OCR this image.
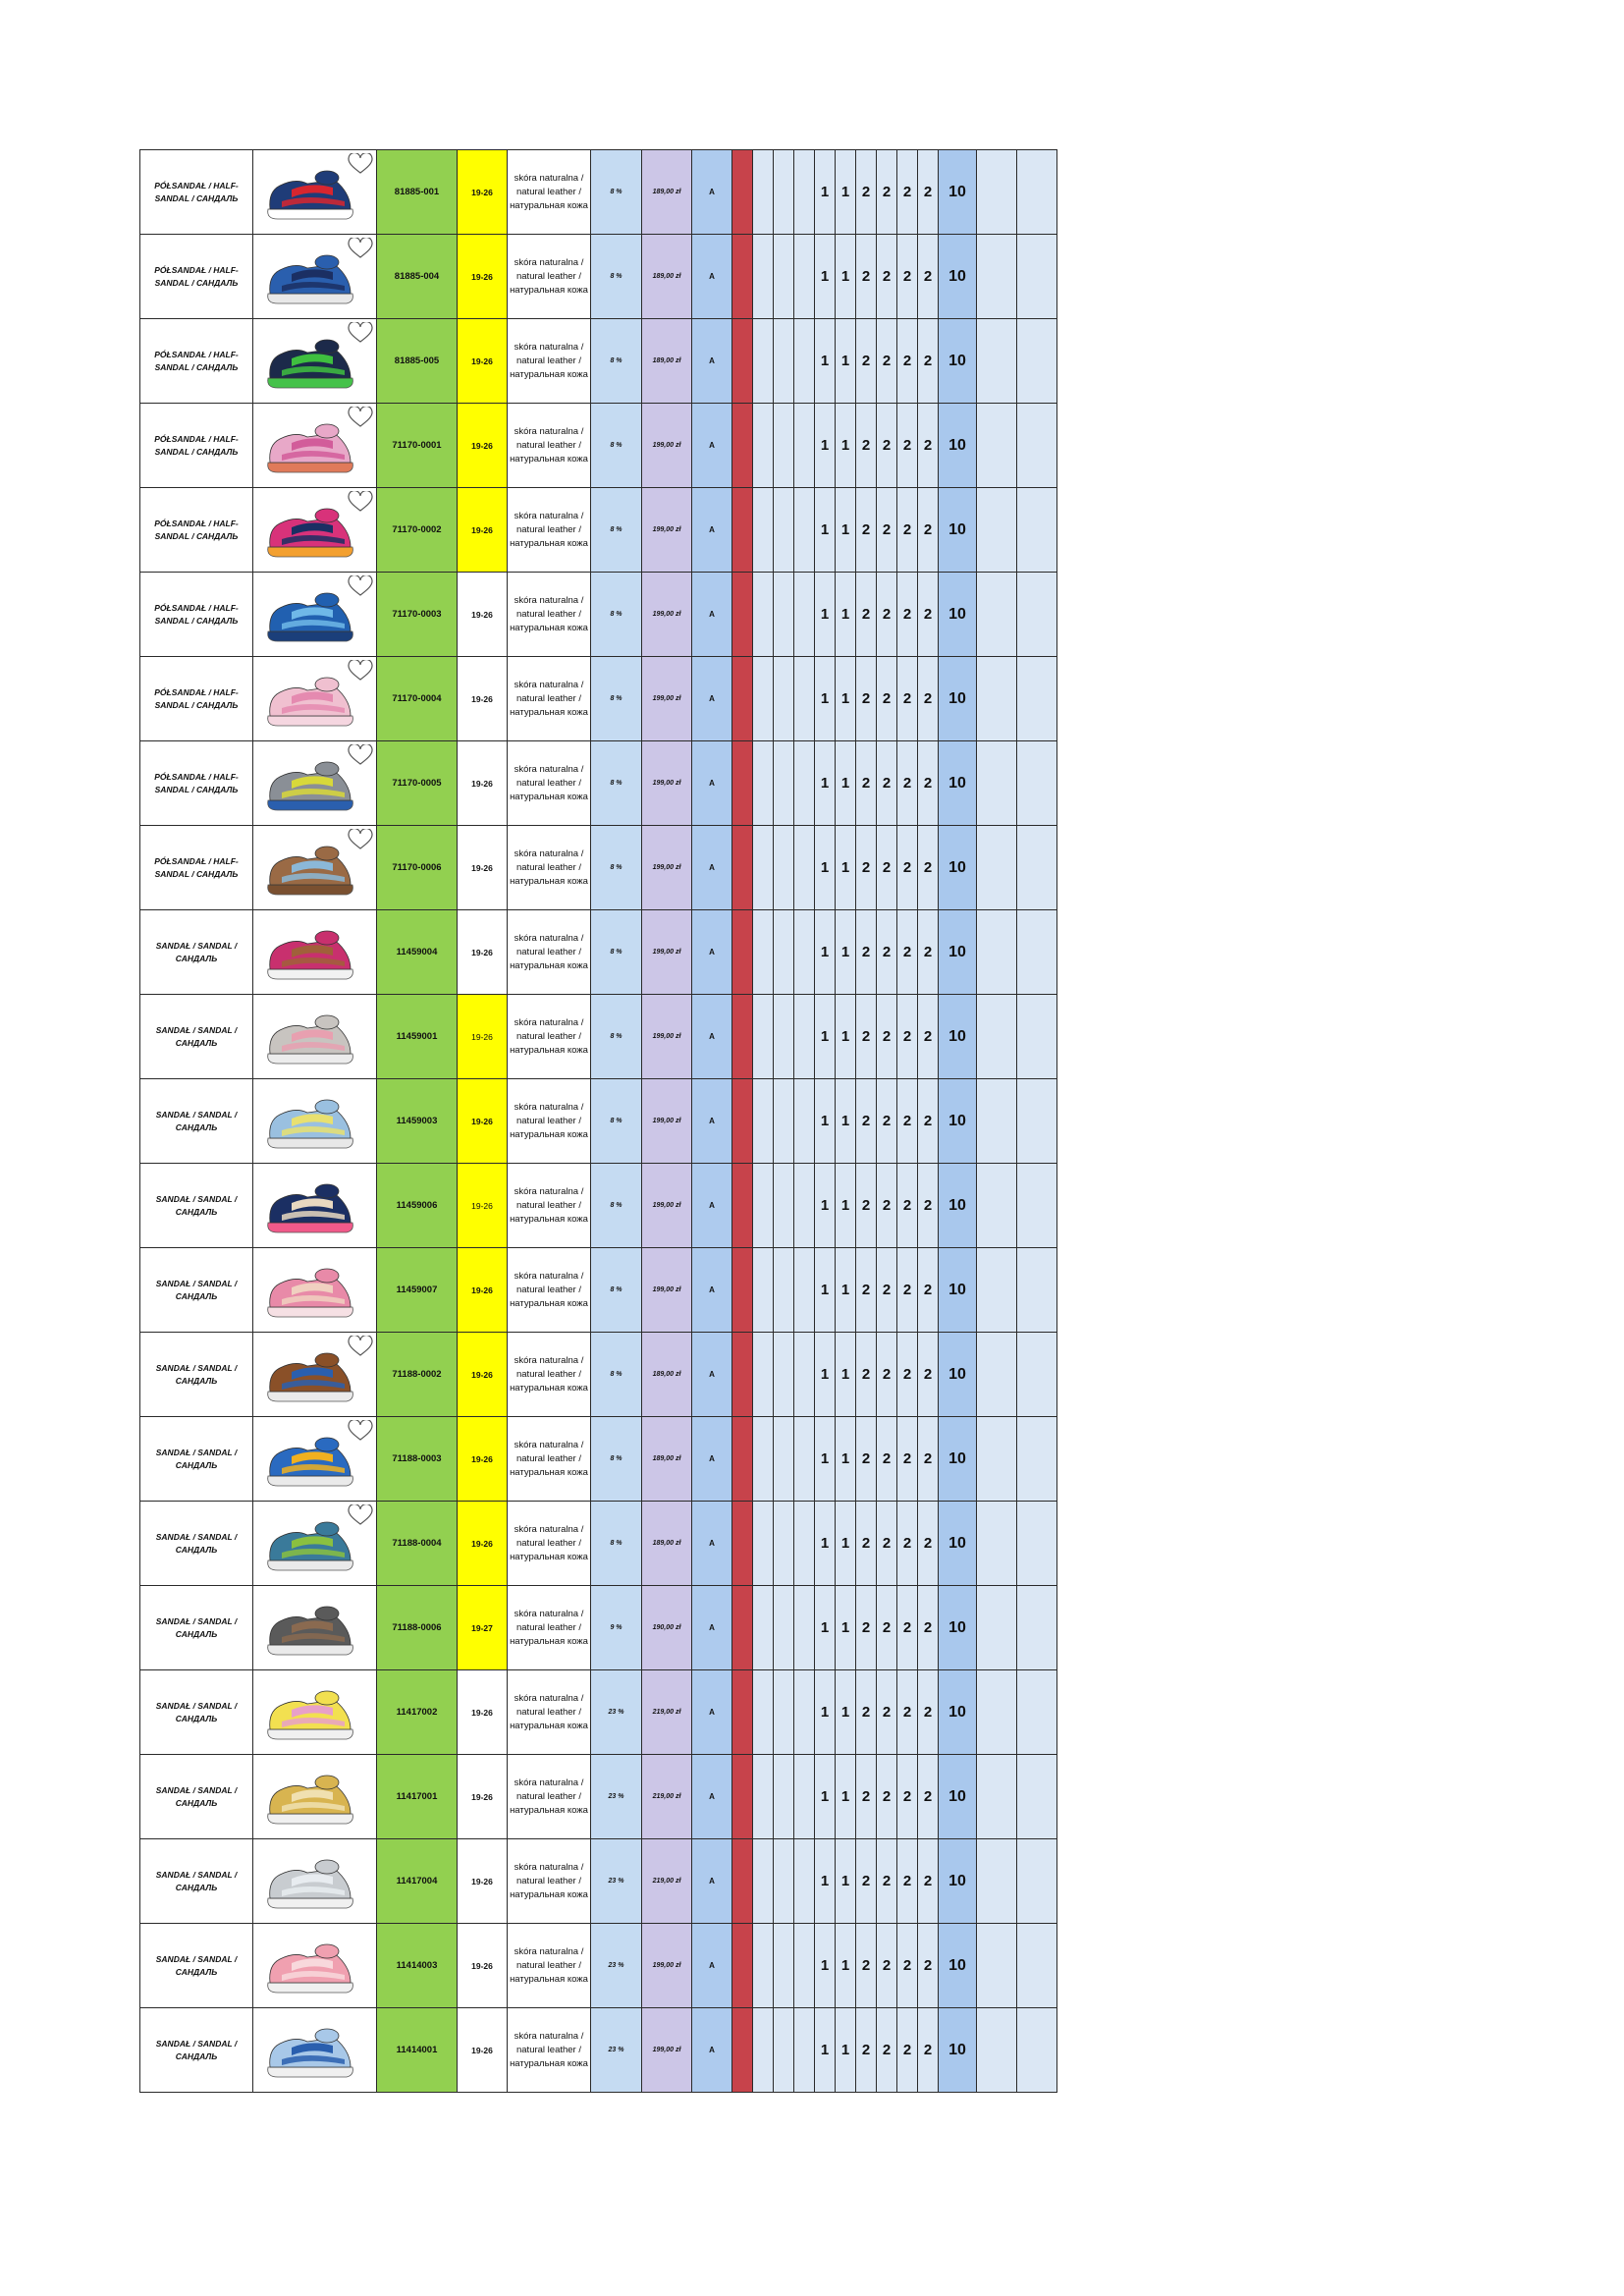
PÓŁSANDAŁ / HALF-SANDAL / САНДАЛЬ		81885-001	19-26	skóra naturalna / natural leather / натуральная кожа	8 %	189,00 zł	A					1	1	2	2	2	2	10		
PÓŁSANDAŁ / HALF-SANDAL / САНДАЛЬ		81885-004	19-26	skóra naturalna / natural leather / натуральная кожа	8 %	189,00 zł	A					1	1	2	2	2	2	10		
PÓŁSANDAŁ / HALF-SANDAL / САНДАЛЬ		81885-005	19-26	skóra naturalna / natural leather / натуральная кожа	8 %	189,00 zł	A					1	1	2	2	2	2	10		
PÓŁSANDAŁ / HALF-SANDAL / САНДАЛЬ		71170-0001	19-26	skóra naturalna / natural leather / натуральная кожа	8 %	199,00 zł	A					1	1	2	2	2	2	10		
PÓŁSANDAŁ / HALF-SANDAL / САНДАЛЬ		71170-0002	19-26	skóra naturalna / natural leather / натуральная кожа	8 %	199,00 zł	A					1	1	2	2	2	2	10		
PÓŁSANDAŁ / HALF-SANDAL / САНДАЛЬ		71170-0003	19-26	skóra naturalna / natural leather / натуральная кожа	8 %	199,00 zł	A					1	1	2	2	2	2	10		
PÓŁSANDAŁ / HALF-SANDAL / САНДАЛЬ		71170-0004	19-26	skóra naturalna / natural leather / натуральная кожа	8 %	199,00 zł	A					1	1	2	2	2	2	10		
PÓŁSANDAŁ / HALF-SANDAL / САНДАЛЬ		71170-0005	19-26	skóra naturalna / natural leather / натуральная кожа	8 %	199,00 zł	A					1	1	2	2	2	2	10		
PÓŁSANDAŁ / HALF-SANDAL / САНДАЛЬ		71170-0006	19-26	skóra naturalna / natural leather / натуральная кожа	8 %	199,00 zł	A					1	1	2	2	2	2	10		
SANDAŁ / SANDAL / САНДАЛЬ		11459004	19-26	skóra naturalna / natural leather / натуральная кожа	8 %	199,00 zł	A					1	1	2	2	2	2	10		
SANDAŁ / SANDAL / САНДАЛЬ		11459001	19-26	skóra naturalna / natural leather / натуральная кожа	8 %	199,00 zł	A					1	1	2	2	2	2	10		
SANDAŁ / SANDAL / САНДАЛЬ		11459003	19-26	skóra naturalna / natural leather / натуральная кожа	8 %	199,00 zł	A					1	1	2	2	2	2	10		
SANDAŁ / SANDAL / САНДАЛЬ		11459006	19-26	skóra naturalna / natural leather / натуральная кожа	8 %	199,00 zł	A					1	1	2	2	2	2	10		
SANDAŁ / SANDAL / САНДАЛЬ		11459007	19-26	skóra naturalna / natural leather / натуральная кожа	8 %	199,00 zł	A					1	1	2	2	2	2	10		
SANDAŁ / SANDAL / САНДАЛЬ		71188-0002	19-26	skóra naturalna / natural leather / натуральная кожа	8 %	189,00 zł	A					1	1	2	2	2	2	10		
SANDAŁ / SANDAL / САНДАЛЬ		71188-0003	19-26	skóra naturalna / natural leather / натуральная кожа	8 %	189,00 zł	A					1	1	2	2	2	2	10		
SANDAŁ / SANDAL / САНДАЛЬ		71188-0004	19-26	skóra naturalna / natural leather / натуральная кожа	8 %	189,00 zł	A					1	1	2	2	2	2	10		
SANDAŁ / SANDAL / САНДАЛЬ		71188-0006	19-27	skóra naturalna / natural leather / натуральная кожа	9 %	190,00 zł	A					1	1	2	2	2	2	10		
SANDAŁ / SANDAL / САНДАЛЬ		11417002	19-26	skóra naturalna / natural leather / натуральная кожа	23 %	219,00 zł	A					1	1	2	2	2	2	10		
SANDAŁ / SANDAL / САНДАЛЬ		11417001	19-26	skóra naturalna / natural leather / натуральная кожа	23 %	219,00 zł	A					1	1	2	2	2	2	10		
SANDAŁ / SANDAL / САНДАЛЬ		11417004	19-26	skóra naturalna / natural leather / натуральная кожа	23 %	219,00 zł	A					1	1	2	2	2	2	10		
SANDAŁ / SANDAL / САНДАЛЬ		11414003	19-26	skóra naturalna / natural leather / натуральная кожа	23 %	199,00 zł	A					1	1	2	2	2	2	10		
SANDAŁ / SANDAL / САНДАЛЬ		11414001	19-26	skóra naturalna / natural leather / натуральная кожа	23 %	199,00 zł	A					1	1	2	2	2	2	10		
